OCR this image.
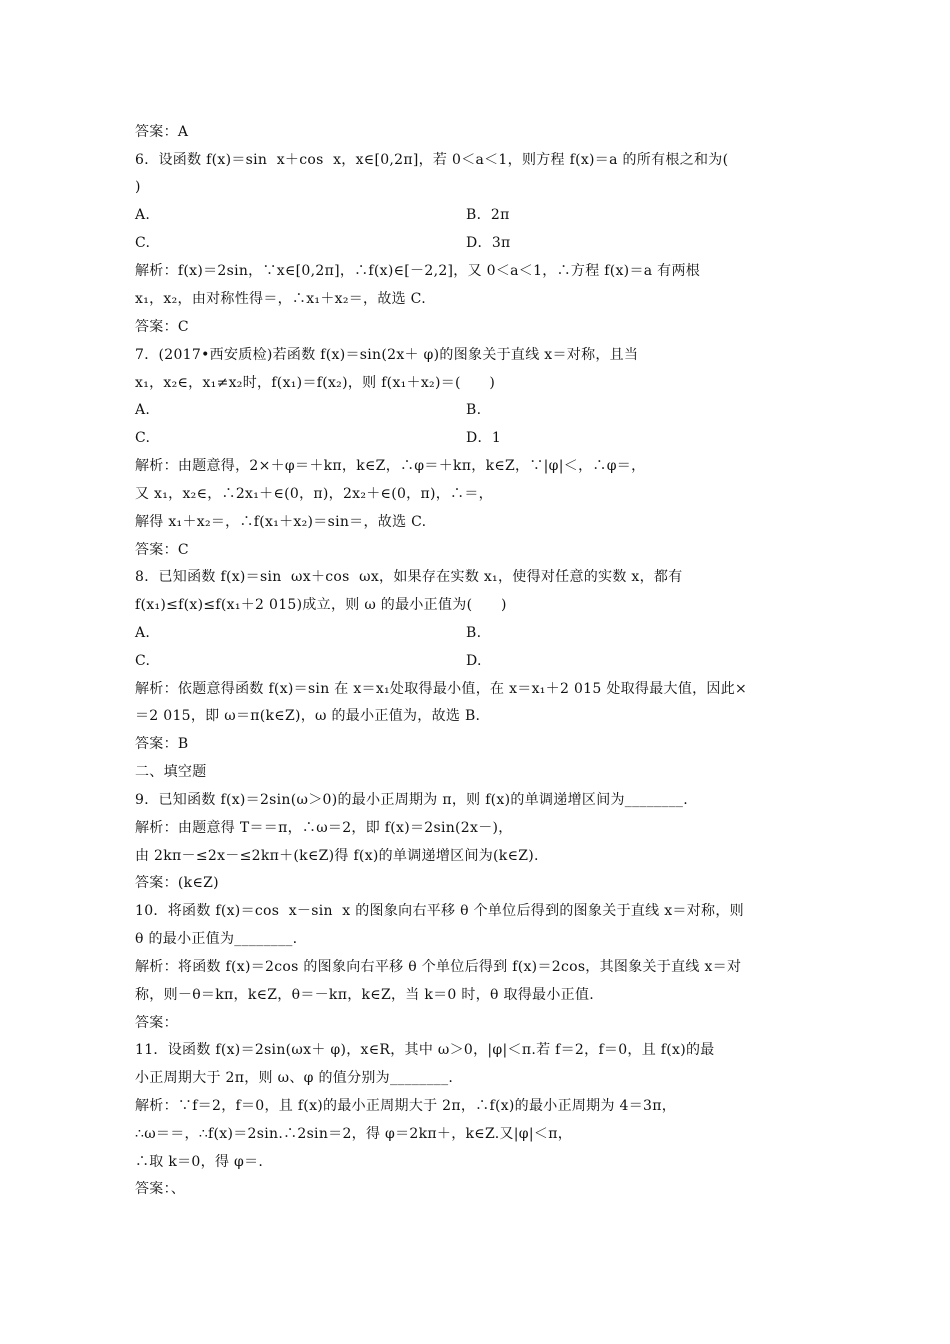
答案：A
6．设函数 f(x)＝sin  x＋cos  x，x∈[0,2π]，若 0＜a＜1，则方程 f(x)＝a 的所有根之和为(
)
A.	B．2π
C.	D．3π
解析：f(x)＝2sin，∵x∈[0,2π]，∴f(x)∈[－2,2]，又 0＜a＜1，∴方程 f(x)＝a 有两根
x₁，x₂，由对称性得＝，∴x₁＋x₂＝，故选 C.
答案：C
7．(2017•西安质检)若函数 f(x)＝sin(2x＋ φ)的图象关于直线 x＝对称，且当
x₁，x₂∈，x₁≠x₂时，f(x₁)＝f(x₂)，则 f(x₁＋x₂)＝(　　)
A.	B.
C.	D．1
解析：由题意得，2×＋φ＝＋kπ，k∈Z，∴φ＝＋kπ，k∈Z，∵|φ|＜，∴φ＝，
又 x₁，x₂∈，∴2x₁＋∈(0，π)，2x₂＋∈(0，π)，∴＝，
解得 x₁＋x₂＝，∴f(x₁＋x₂)＝sin＝，故选 C.
答案：C
8．已知函数 f(x)＝sin  ωx＋cos  ωx，如果存在实数 x₁，使得对任意的实数 x，都有
f(x₁)≤f(x)≤f(x₁＋2 015)成立，则 ω 的最小正值为(　　)
A.	B.
C.	D.
解析：依题意得函数 f(x)＝sin 在 x＝x₁处取得最小值，在 x＝x₁＋2 015 处取得最大值，因此×
＝2 015，即 ω＝π(k∈Z)，ω 的最小正值为，故选 B.
答案：B
二、填空题
9．已知函数 f(x)＝2sin(ω＞0)的最小正周期为 π，则 f(x)的单调递增区间为________.
解析：由题意得 T＝＝π，∴ω＝2，即 f(x)＝2sin(2x－)，
由 2kπ－≤2x－≤2kπ＋(k∈Z)得 f(x)的单调递增区间为(k∈Z).
答案：(k∈Z)
10．将函数 f(x)＝cos  x－sin  x 的图象向右平移 θ 个单位后得到的图象关于直线 x＝对称，则
θ 的最小正值为________.
解析：将函数 f(x)＝2cos 的图象向右平移 θ 个单位后得到 f(x)＝2cos，其图象关于直线 x＝对
称，则－θ＝kπ，k∈Z，θ＝－kπ，k∈Z，当 k＝0 时，θ 取得最小正值.
答案：
11．设函数 f(x)＝2sin(ωx＋ φ)，x∈R，其中 ω＞0，|φ|＜π.若 f＝2，f＝0，且 f(x)的最
小正周期大于 2π，则 ω、φ 的值分别为________.
解析：∵f＝2，f＝0，且 f(x)的最小正周期大于 2π，∴f(x)的最小正周期为 4＝3π，
∴ω＝＝，∴f(x)＝2sin.∴2sin＝2，得 φ＝2kπ＋，k∈Z.又|φ|＜π，
∴取 k＝0，得 φ＝.
答案：、
